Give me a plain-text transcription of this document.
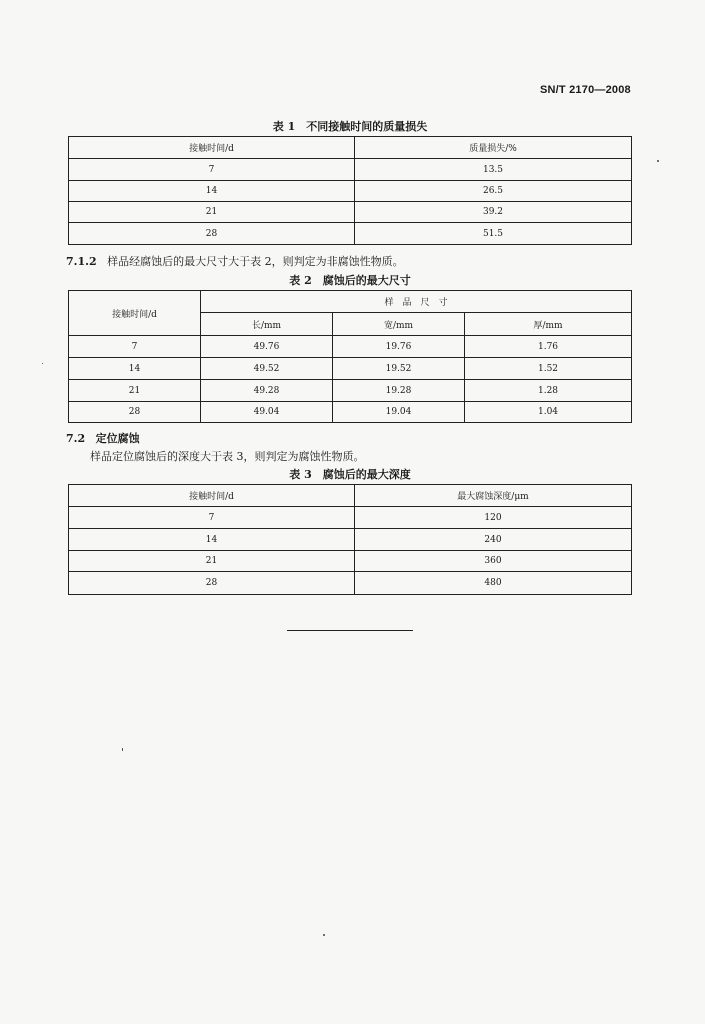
SN/T 2170—2008
表 1　不同接触时间的质量损失
接触时间/d	质量损失/%
7	13.5
14	26.5
21	39.2
28	51.5
7.1.2 样品经腐蚀后的最大尺寸大于表 2，则判定为非腐蚀性物质。
表 2　腐蚀后的最大尺寸
接触时间/d	样　品　尺　寸		
	长/mm	宽/mm	厚/mm
7	49.76	19.76	1.76
14	49.52	19.52	1.52
21	49.28	19.28	1.28
28	49.04	19.04	1.04
7.2 定位腐蚀
样品定位腐蚀后的深度大于表 3，则判定为腐蚀性物质。
表 3　腐蚀后的最大深度
接触时间/d	最大腐蚀深度/μm
7	120
14	240
21	360
28	480
